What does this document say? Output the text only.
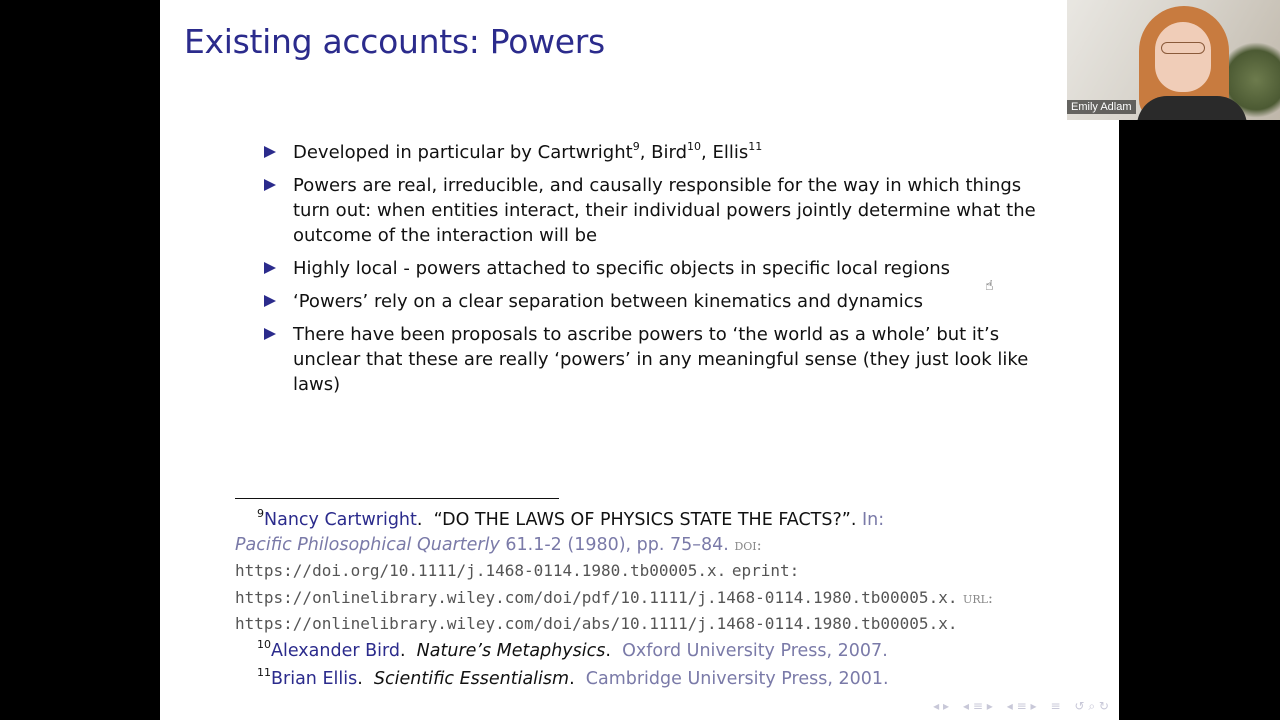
Existing accounts: Powers
Developed in particular by Cartwright$^9$, Bird$^{10}$, Ellis$^{11}$
Powers are real, irreducible, and causally responsible for the way in which things turn out: when entities interact, their individual powers jointly determine what the outcome of the interaction will be
Highly local - powers attached to specific objects in specific local regions
‘Powers’ rely on a clear separation between kinematics and dynamics
There have been proposals to ascribe powers to ‘the world as a whole’ but it’s unclear that these are really ‘powers’ in any meaningful sense (they just look like laws)

$^9$Nancy Cartwright.  “DO THE LAWS OF PHYSICS STATE THE FACTS?”. In:

Pacific Philosophical Quarterly 61.1-2 (1980), pp. 75–84. doi: https://doi.org/10.1111/j.1468-0114.1980.tb00005.x. eprint: https://onlinelibrary.wiley.com/doi/pdf/10.1111/j.1468-0114.1980.tb00005.x. url: https://onlinelibrary.wiley.com/doi/abs/10.1111/j.1468-0114.1980.tb00005.x.

$^{10}$Alexander Bird.  Nature’s Metaphysics.  Oxford University Press, 2007.

$^{11}$Brian Ellis.  Scientific Essentialism.  Cambridge University Press, 2001.

◂ ▸ ◂ ≡ ▸ ◂ ≡ ▸ ≡ ↺ ⌕ ↻
☝
Emily Adlam
